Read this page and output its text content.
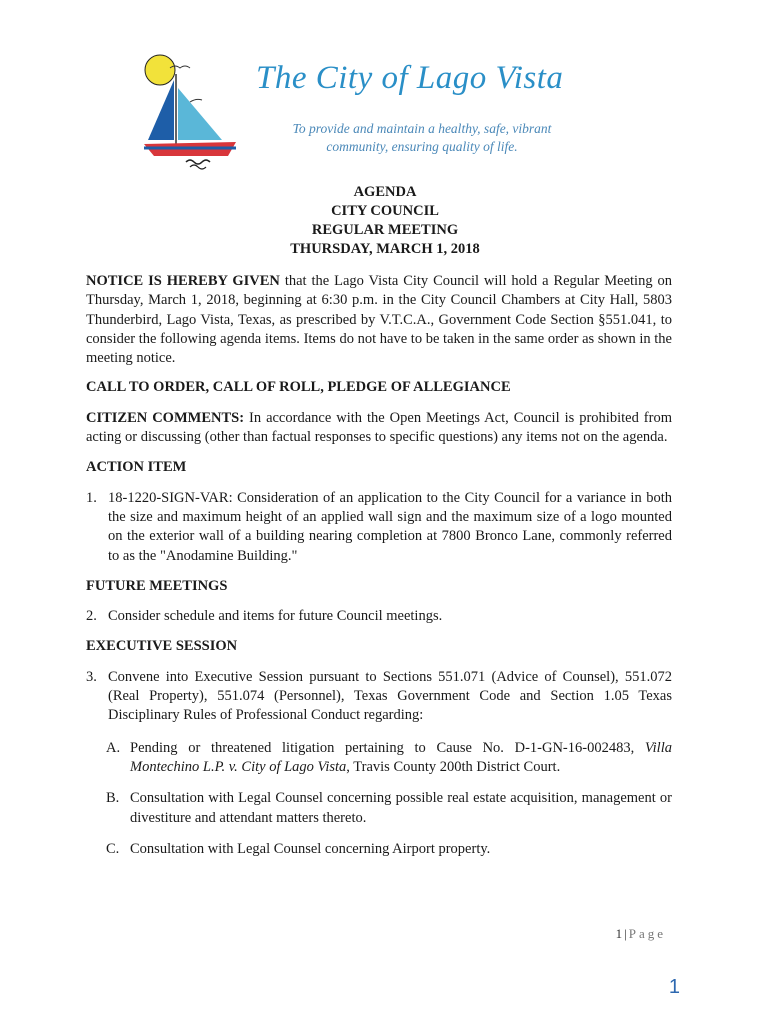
The City of Lago Vista
To provide and maintain a healthy, safe, vibrant
community, ensuring quality of life.
AGENDA
CITY COUNCIL
REGULAR MEETING
THURSDAY, MARCH 1, 2018

NOTICE IS HEREBY GIVEN that the Lago Vista City Council will hold a Regular Meeting on Thursday, March 1, 2018, beginning at 6:30 p.m. in the City Council Chambers at City Hall, 5803 Thunderbird, Lago Vista, Texas, as prescribed by V.T.C.A., Government Code Section §551.041, to consider the following agenda items. Items do not have to be taken in the same order as shown in the meeting notice.

CALL TO ORDER, CALL OF ROLL, PLEDGE OF ALLEGIANCE

CITIZEN COMMENTS: In accordance with the Open Meetings Act, Council is prohibited from acting or discussing (other than factual responses to specific questions) any items not on the agenda.

ACTION ITEM

1. 18-1220-SIGN-VAR: Consideration of an application to the City Council for a variance in both the size and maximum height of an applied wall sign and the maximum size of a logo mounted on the exterior wall of a building nearing completion at 7800 Bronco Lane, commonly referred to as the "Anodamine Building."

FUTURE MEETINGS

2. Consider schedule and items for future Council meetings.

EXECUTIVE SESSION

3. Convene into Executive Session pursuant to Sections 551.071 (Advice of Counsel), 551.072 (Real Property), 551.074 (Personnel), Texas Government Code and Section 1.05 Texas Disciplinary Rules of Professional Conduct regarding:
A. Pending or threatened litigation pertaining to Cause No. D-1-GN-16-002483, Villa Montechino L.P. v. City of Lago Vista, Travis County 200th District Court.
B. Consultation with Legal Counsel concerning possible real estate acquisition, management or divestiture and attendant matters thereto.
C. Consultation with Legal Counsel concerning Airport property.
1|Page
1
